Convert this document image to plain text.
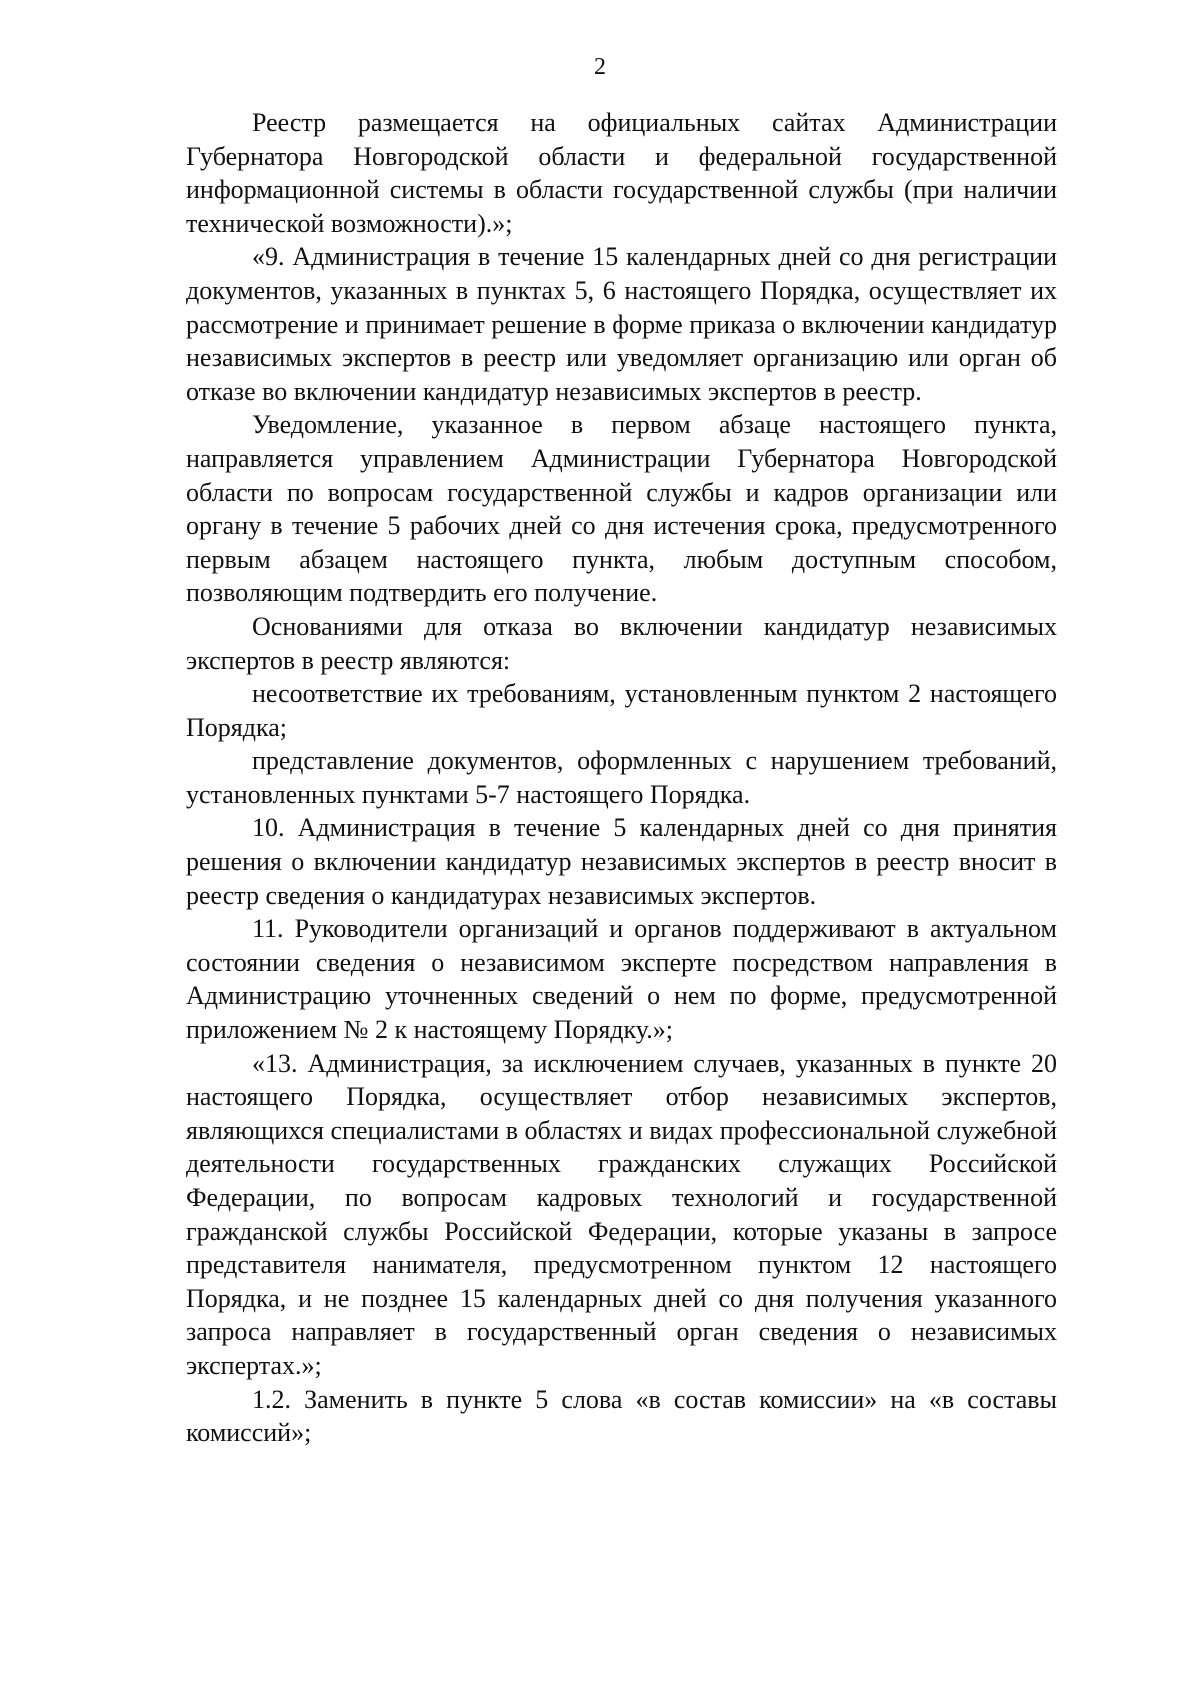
2

Реестр размещается на официальных сайтах Администрации Губернатора Новгородской области и федеральной государственной информационной системы в области государственной службы (при наличии технической возможности).»;

«9. Администрация в течение 15 календарных дней со дня регистрации документов, указанных в пунктах 5, 6 настоящего Порядка, осуществляет их рассмотрение и принимает решение в форме приказа о включении кандидатур независимых экспертов в реестр или уведомляет организацию или орган об отказе во включении кандидатур независимых экспертов в реестр.

Уведомление, указанное в первом абзаце настоящего пункта, направляется управлением Администрации Губернатора Новгородской области по вопросам государственной службы и кадров организации или органу в течение 5 рабочих дней со дня истечения срока, предусмотренного первым абзацем настоящего пункта, любым доступным способом, позволяющим подтвердить его получение.

Основаниями для отказа во включении кандидатур независимых экспертов в реестр являются:

несоответствие их требованиям, установленным пунктом 2 настоящего Порядка;

представление документов, оформленных с нарушением требований, установленных пунктами 5-7 настоящего Порядка.

10. Администрация в течение 5 календарных дней со дня принятия решения о включении кандидатур независимых экспертов в реестр вносит в реестр сведения о кандидатурах независимых экспертов.

11. Руководители организаций и органов поддерживают в актуальном состоянии сведения о независимом эксперте посредством направления в Администрацию уточненных сведений о нем по форме, предусмотренной приложением № 2 к настоящему Порядку.»;

«13. Администрация, за исключением случаев, указанных в пункте 20 настоящего Порядка, осуществляет отбор независимых экспертов, являющихся специалистами в областях и видах профессиональной служебной деятельности государственных гражданских служащих Российской Федерации, по вопросам кадровых технологий и государственной гражданской службы Российской Федерации, которые указаны в запросе представителя нанимателя, предусмотренном пунктом 12 настоящего Порядка, и не позднее 15 календарных дней со дня получения указанного запроса направляет в государственный орган сведения о независимых экспертах.»;

1.2. Заменить в пункте 5 слова «в состав комиссии» на «в составы комиссий»;
